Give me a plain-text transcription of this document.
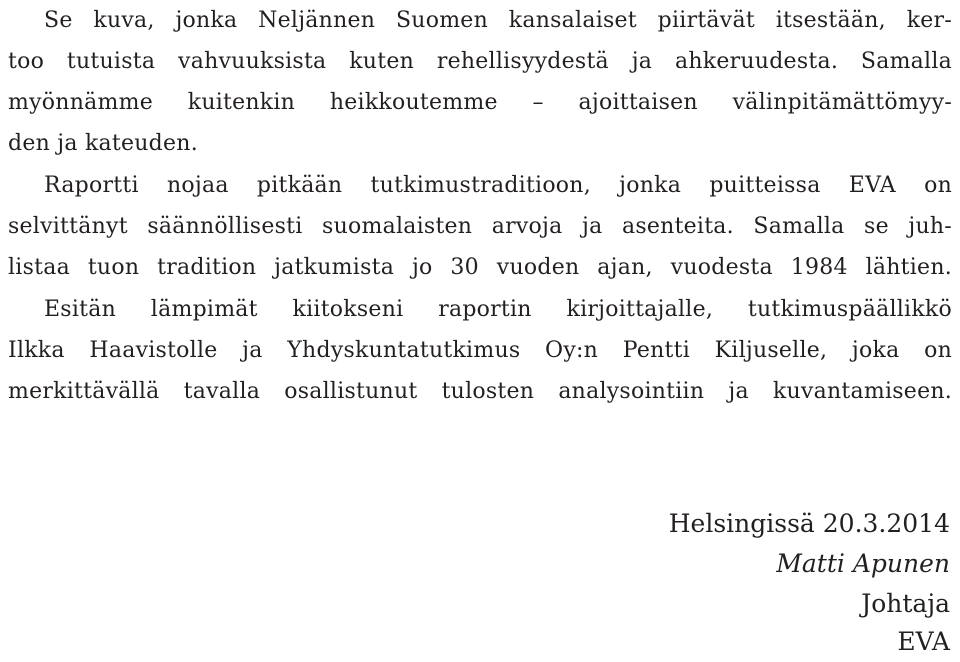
Se kuva, jonka Neljännen Suomen kansalaiset piirtävät itsestään, ker-
too tutuista vahvuuksista kuten rehellisyydestä ja ahkeruudesta. Samalla
myönnämme kuitenkin heikkoutemme – ajoittaisen välinpitämättömyy-
den ja kateuden.
Raportti nojaa pitkään tutkimustraditioon, jonka puitteissa EVA on
selvittänyt säännöllisesti suomalaisten arvoja ja asenteita. Samalla se juh-
listaa tuon tradition jatkumista jo 30 vuoden ajan, vuodesta 1984 lähtien.
Esitän lämpimät kiitokseni raportin kirjoittajalle, tutkimuspäällikkö
Ilkka Haavistolle ja Yhdyskuntatutkimus Oy:n Pentti Kiljuselle, joka on
merkittävällä tavalla osallistunut tulosten analysointiin ja kuvantamiseen.
Helsingissä 20.3.2014
Matti Apunen
Johtaja
EVA
